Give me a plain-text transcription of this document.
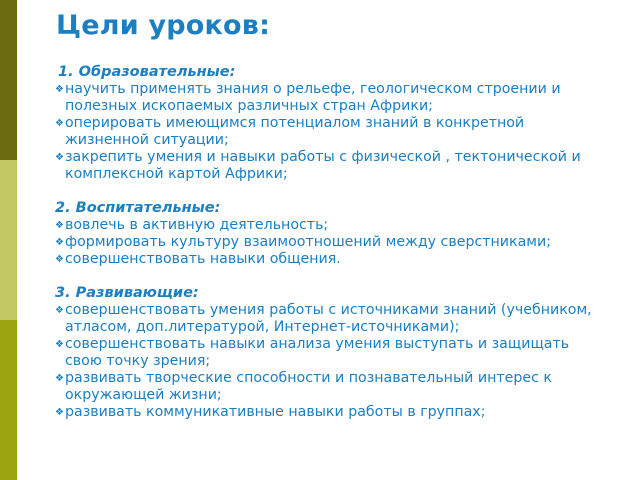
Цели уроков:

1. Образовательные:

❖ научить применять знания о рельефе, геологическом строении и полезных ископаемых различных стран Африки;

❖ оперировать имеющимся потенциалом знаний в конкретной жизненной ситуации;

❖ закрепить умения и навыки работы с физической , тектонической и комплексной картой Африки;

2. Воспитательные:

❖ вовлечь в активную деятельность;

❖ формировать культуру взаимоотношений между сверстниками;

❖ совершенствовать навыки общения.

3. Развивающие:

❖ совершенствовать умения работы с источниками знаний (учебником, атласом, доп.литературой, Интернет-источниками);

❖ совершенствовать навыки анализа умения выступать и защищать свою точку зрения;

❖ развивать творческие способности и познавательный интерес к окружающей жизни;

❖ развивать коммуникативные навыки работы в группах;
